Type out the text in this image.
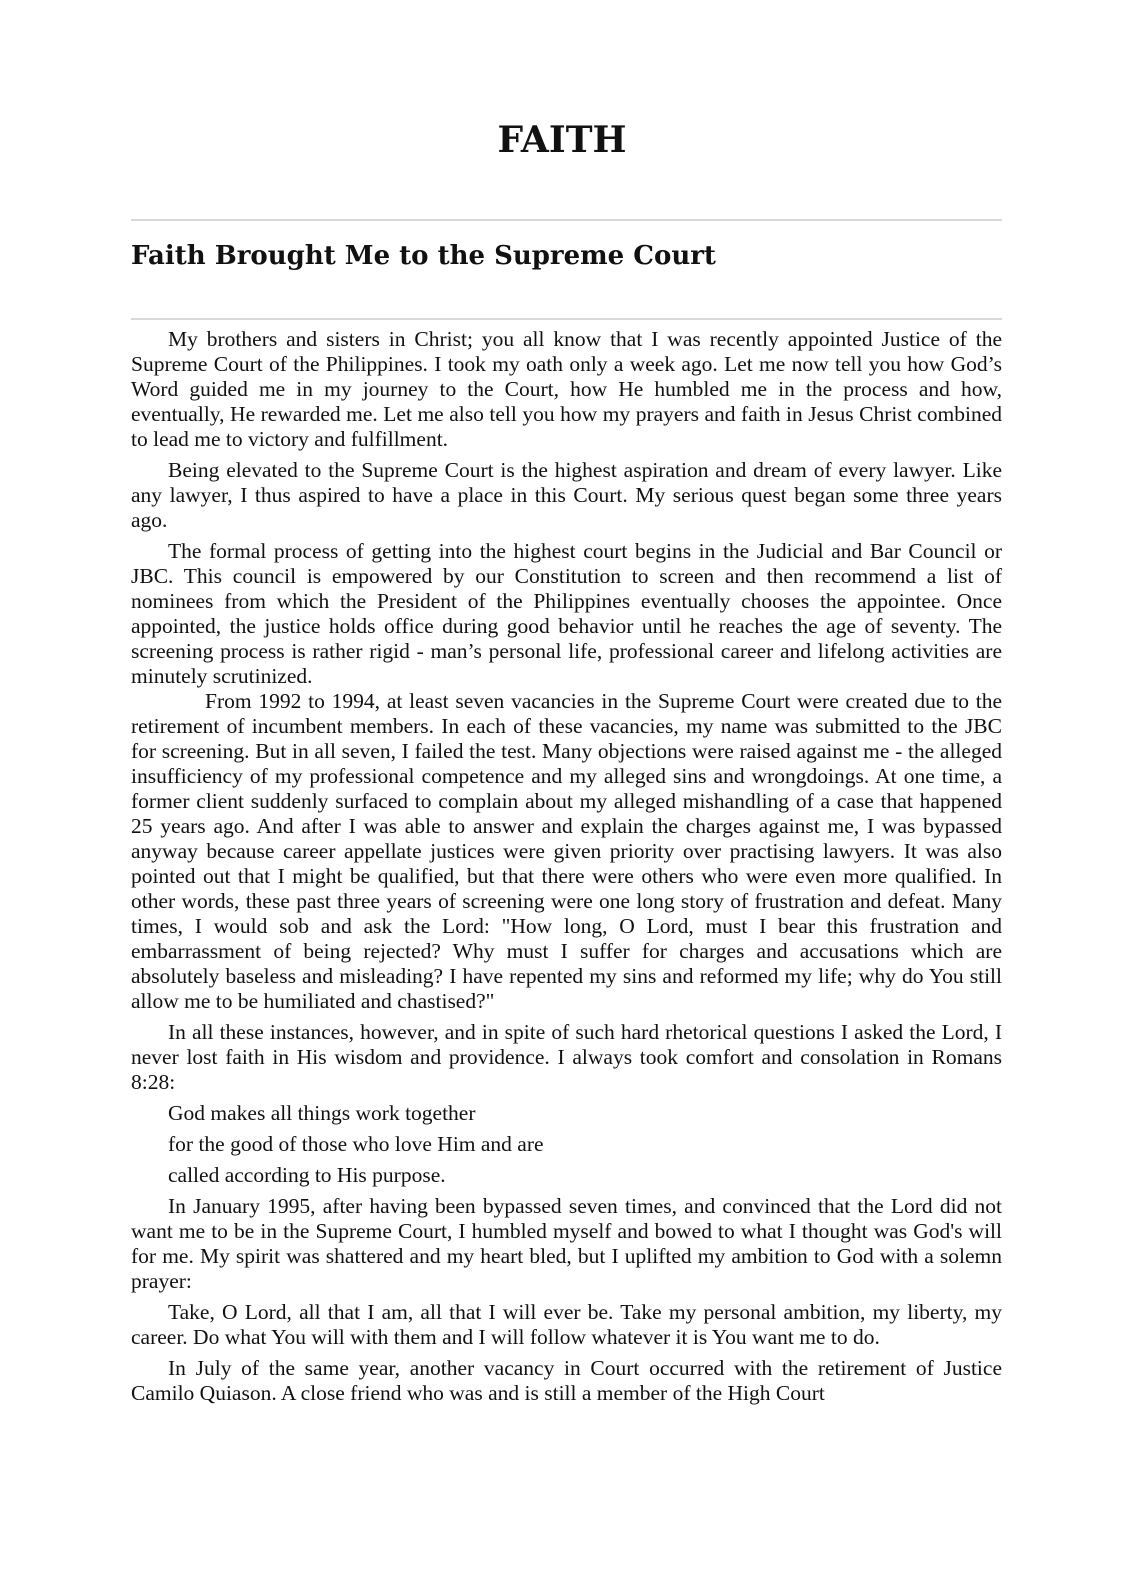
FAITH
Faith Brought Me to the Supreme Court

My brothers and sisters in Christ; you all know that I was recently appointed Justice of the Supreme Court of the Philippines. I took my oath only a week ago. Let me now tell you how God’s Word guided me in my journey to the Court, how He humbled me in the process and how, eventually, He rewarded me. Let me also tell you how my prayers and faith in Jesus Christ combined to lead me to victory and fulfillment.

Being elevated to the Supreme Court is the highest aspiration and dream of every lawyer. Like any lawyer, I thus aspired to have a place in this Court. My serious quest began some three years ago.

The formal process of getting into the highest court begins in the Judicial and Bar Council or JBC. This council is empowered by our Constitution to screen and then recommend a list of nominees from which the President of the Philippines eventually chooses the appointee. Once appointed, the justice holds office during good behavior until he reaches the age of seventy. The screening process is rather rigid - man’s personal life, professional career and lifelong activities are minutely scrutinized.

From 1992 to 1994, at least seven vacancies in the Supreme Court were created due to the retirement of incumbent members. In each of these vacancies, my name was submitted to the JBC for screening. But in all seven, I failed the test. Many objections were raised against me - the alleged insufficiency of my professional competence and my alleged sins and wrongdoings. At one time, a former client suddenly surfaced to complain about my alleged mishandling of a case that happened 25 years ago. And after I was able to answer and explain the charges against me, I was bypassed anyway because career appellate justices were given priority over practising lawyers. It was also pointed out that I might be qualified, but that there were others who were even more qualified. In other words, these past three years of screening were one long story of frustration and defeat. Many times, I would sob and ask the Lord: "How long, O Lord, must I bear this frustration and embarrassment of being rejected? Why must I suffer for charges and accusations which are absolutely baseless and misleading? I have repented my sins and reformed my life; why do You still allow me to be humiliated and chastised?"

In all these instances, however, and in spite of such hard rhetorical questions I asked the Lord, I never lost faith in His wisdom and providence. I always took comfort and consolation in Romans 8:28:

God makes all things work together

for the good of those who love Him and are

called according to His purpose.

In January 1995, after having been bypassed seven times, and convinced that the Lord did not want me to be in the Supreme Court, I humbled myself and bowed to what I thought was God's will for me. My spirit was shattered and my heart bled, but I uplifted my ambition to God with a solemn prayer:

Take, O Lord, all that I am, all that I will ever be. Take my personal ambition, my liberty, my career. Do what You will with them and I will follow whatever it is You want me to do.

In July of the same year, another vacancy in Court occurred with the retirement of Justice Camilo Quiason. A close friend who was and is still a member of the High Court
